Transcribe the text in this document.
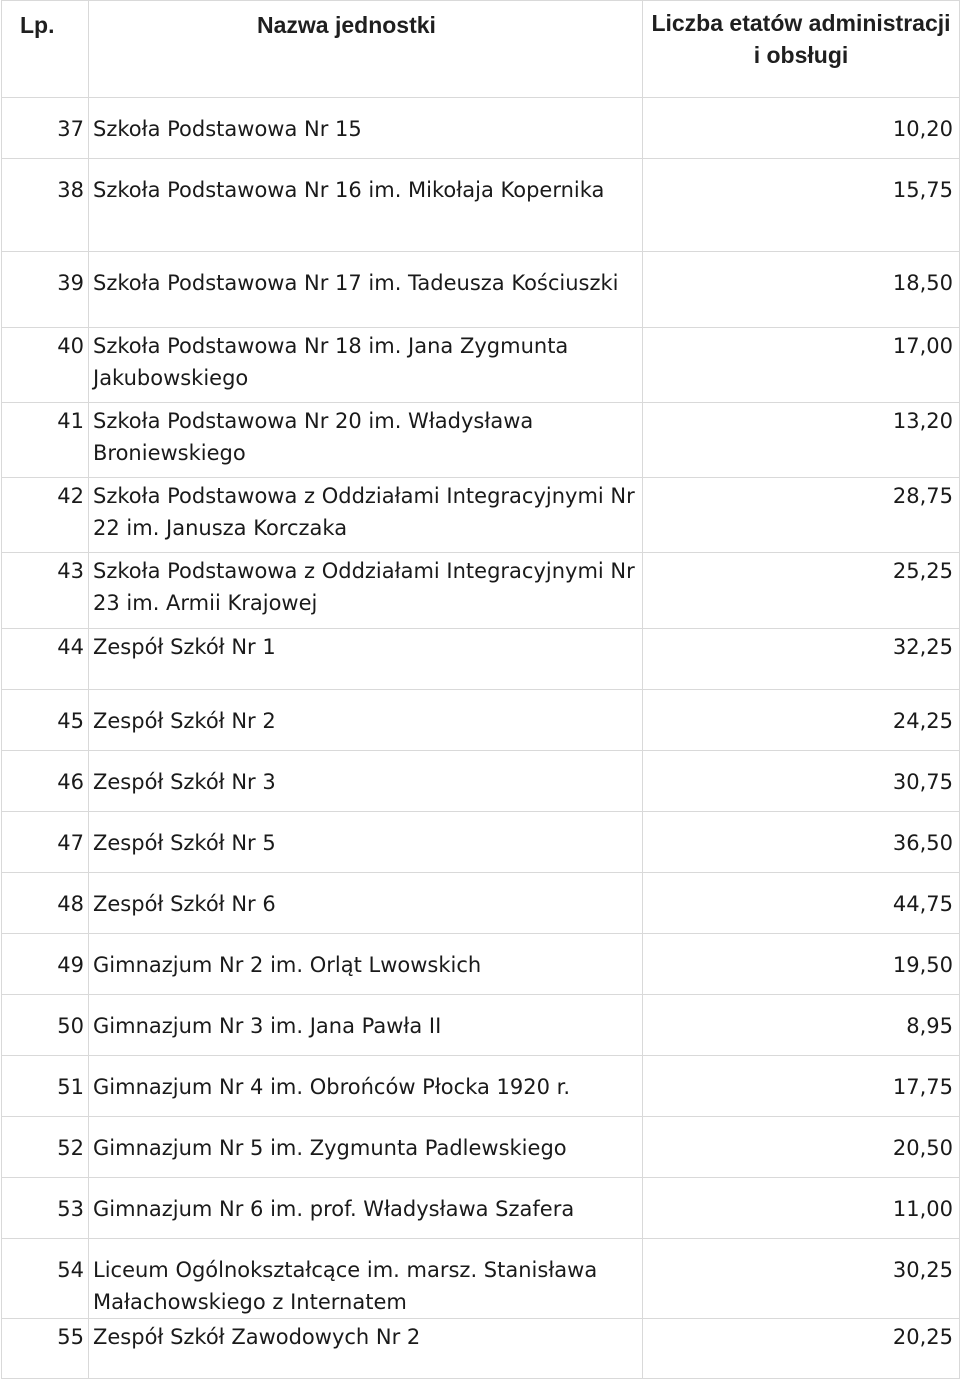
Lp.	Nazwa jednostki	Liczba etatów administracji i obsługi
37	Szkoła Podstawowa Nr 15	10,20
38	Szkoła Podstawowa Nr 16 im. Mikołaja Kopernika	15,75
39	Szkoła Podstawowa Nr 17 im. Tadeusza Kościuszki	18,50
40	Szkoła Podstawowa Nr 18 im. Jana Zygmunta Jakubowskiego	17,00
41	Szkoła Podstawowa Nr 20 im. Władysława Broniewskiego	13,20
42	Szkoła Podstawowa z Oddziałami Integracyjnymi Nr 22 im. Janusza Korczaka	28,75
43	Szkoła Podstawowa z Oddziałami Integracyjnymi Nr 23 im. Armii Krajowej	25,25
44	Zespół Szkół Nr 1	32,25
45	Zespół Szkół Nr 2	24,25
46	Zespół Szkół Nr 3	30,75
47	Zespół Szkół Nr 5	36,50
48	Zespół Szkół Nr 6	44,75
49	Gimnazjum Nr 2 im. Orląt Lwowskich	19,50
50	Gimnazjum Nr 3 im. Jana Pawła II	8,95
51	Gimnazjum Nr 4 im. Obrońców Płocka 1920 r.	17,75
52	Gimnazjum Nr 5 im. Zygmunta Padlewskiego	20,50
53	Gimnazjum Nr 6 im. prof. Władysława Szafera	11,00
54	Liceum Ogólnokształcące im. marsz. Stanisława Małachowskiego z Internatem	30,25
55	Zespół Szkół Zawodowych Nr 2	20,25
